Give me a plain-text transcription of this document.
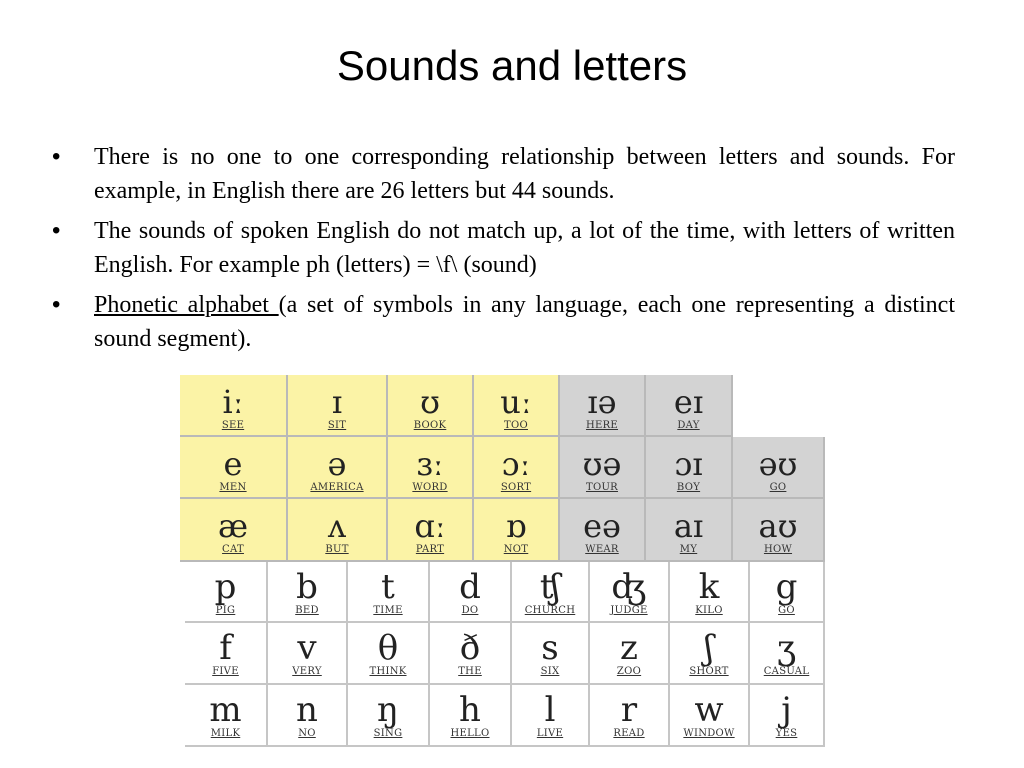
Sounds and letters
• There is no one to one corresponding relationship between letters and sounds. For example, in English there are 26 letters but 44 sounds.
• The sounds of spoken English do not match up, a lot of the time, with letters of written English. For example ph (letters) = \f\ (sound)
• Phonetic alphabet (a set of symbols in any language, each one representing a distinct sound segment).
iː
SEE
ɪ
SIT
ʊ
BOOK
uː
TOO
ɪə
HERE
eɪ
DAY
e
MEN
ə
AMERICA
ɜː
WORD
ɔː
SORT
ʊə
TOUR
ɔɪ
BOY
əʊ
GO
æ
CAT
ʌ
BUT
ɑː
PART
ɒ
NOT
eə
WEAR
aɪ
MY
aʊ
HOW
p
PIG
b
BED
t
TIME
d
DO
ʧ
CHURCH
ʤ
JUDGE
k
KILO
g
GO
f
FIVE
v
VERY
θ
THINK
ð
THE
s
SIX
z
ZOO
ʃ
SHORT
ʒ
CASUAL
m
MILK
n
NO
ŋ
SING
h
HELLO
l
LIVE
r
READ
w
WINDOW
j
YES
